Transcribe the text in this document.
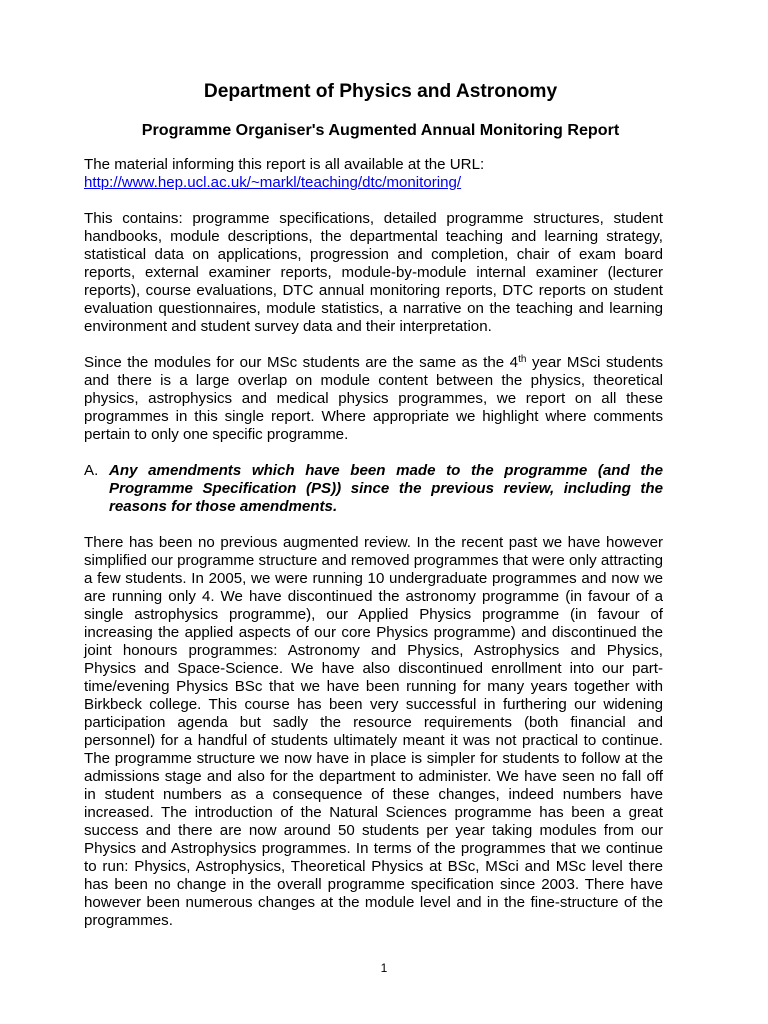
Department of Physics and Astronomy
Programme Organiser's Augmented Annual Monitoring Report

The material informing this report is all available at the URL:

http://www.hep.ucl.ac.uk/~markl/teaching/dtc/monitoring/

This contains: programme specifications, detailed programme structures, student handbooks, module descriptions, the departmental teaching and learning strategy, statistical data on applications, progression and completion, chair of exam board reports, external examiner reports, module-by-module internal examiner (lecturer reports), course evaluations, DTC annual monitoring reports, DTC reports on student evaluation questionnaires, module statistics, a narrative on the teaching and learning environment and student survey data and their interpretation.

Since the modules for our MSc students are the same as the 4th year MSci students and there is a large overlap on module content between the physics, theoretical physics, astrophysics and medical physics programmes, we report on all these programmes in this single report. Where appropriate we highlight where comments pertain to only one specific programme.

A. Any amendments which have been made to the programme (and the Programme Specification (PS)) since the previous review, including the reasons for those amendments.

There has been no previous augmented review. In the recent past we have however simplified our programme structure and removed programmes that were only attracting a few students. In 2005, we were running 10 undergraduate programmes and now we are running only 4. We have discontinued the astronomy programme (in favour of a single astrophysics programme), our Applied Physics programme (in favour of increasing the applied aspects of our core Physics programme) and discontinued the joint honours programmes: Astronomy and Physics, Astrophysics and Physics, Physics and Space-Science. We have also discontinued enrollment into our part-time/evening Physics BSc that we have been running for many years together with Birkbeck college. This course has been very successful in furthering our widening participation agenda but sadly the resource requirements (both financial and personnel) for a handful of students ultimately meant it was not practical to continue. The programme structure we now have in place is simpler for students to follow at the admissions stage and also for the department to administer. We have seen no fall off in student numbers as a consequence of these changes, indeed numbers have increased. The introduction of the Natural Sciences programme has been a great success and there are now around 50 students per year taking modules from our Physics and Astrophysics programmes. In terms of the programmes that we continue to run: Physics, Astrophysics, Theoretical Physics at BSc, MSci and MSc level there has been no change in the overall programme specification since 2003. There have however been numerous changes at the module level and in the fine-structure of the programmes.

1
